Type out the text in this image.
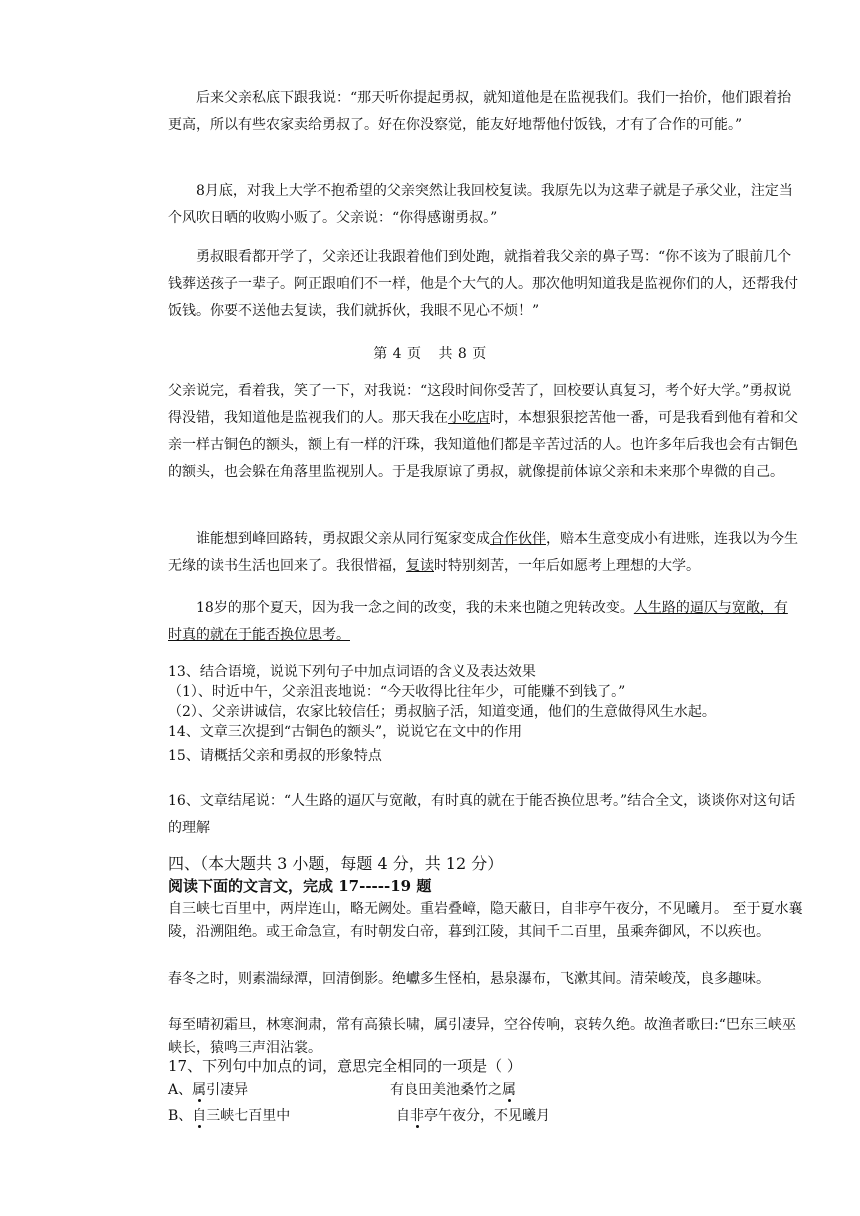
后来父亲私底下跟我说：“那天听你提起勇叔，就知道他是在监视我们。我们一抬价，他们跟着抬更高，所以有些农家卖给勇叔了。好在你没察觉，能友好地帮他付饭钱，才有了合作的可能。”

8月底，对我上大学不抱希望的父亲突然让我回校复读。我原先以为这辈子就是子承父业，注定当个风吹日晒的收购小贩了。父亲说：“你得感谢勇叔。”

勇叔眼看都开学了，父亲还让我跟着他们到处跑，就指着我父亲的鼻子骂：“你不该为了眼前几个钱葬送孩子一辈子。阿正跟咱们不一样，他是个大气的人。那次他明知道我是监视你们的人，还帮我付饭钱。你要不送他去复读，我们就拆伙，我眼不见心不烦！”

第 4 页 共 8 页

父亲说完，看着我，笑了一下，对我说：“这段时间你受苦了，回校要认真复习，考个好大学。”勇叔说得没错，我知道他是监视我们的人。那天我在小吃店时，本想狠狠挖苦他一番，可是我看到他有着和父亲一样古铜色的额头，额上有一样的汗珠，我知道他们都是辛苦过活的人。也许多年后我也会有古铜色的额头，也会躲在角落里监视别人。于是我原谅了勇叔，就像提前体谅父亲和未来那个卑微的自己。

谁能想到峰回路转，勇叔跟父亲从同行冤家变成合作伙伴，赔本生意变成小有进账，连我以为今生无缘的读书生活也回来了。我很惜福，复读时特别刻苦，一年后如愿考上理想的大学。

18岁的那个夏天，因为我一念之间的改变，我的未来也随之兜转改变。人生路的逼仄与宽敞，有时真的就在于能否换位思考。

13、结合语境，说说下列句子中加点词语的含义及表达效果

（1）、时近中午，父亲沮丧地说：“今天收得比往年少，可能赚不到钱了。”

（2）、父亲讲诚信，农家比较信任；勇叔脑子活，知道变通，他们的生意做得风生水起。

14、文章三次提到“古铜色的额头”，说说它在文中的作用

15、请概括父亲和勇叔的形象特点

16、文章结尾说：“人生路的逼仄与宽敞，有时真的就在于能否换位思考。”结合全文，谈谈你对这句话的理解

四、（本大题共 3 小题，每题 4 分，共 12 分）

阅读下面的文言文，完成 17-----19 题

自三峡七百里中，两岸连山，略无阙处。重岩叠嶂，隐天蔽日，自非亭午夜分，不见曦月。 至于夏水襄陵，沿溯阻绝。或王命急宣，有时朝发白帝，暮到江陵，其间千二百里，虽乘奔御风，不以疾也。

春冬之时，则素湍绿潭，回清倒影。绝巘多生怪柏，悬泉瀑布，飞漱其间。清荣峻茂，良多趣味。

每至晴初霜旦，林寒涧肃，常有高猿长啸，属引凄异，空谷传响，哀转久绝。故渔者歌曰:“巴东三峡巫峡长，猿鸣三声泪沾裳。

17、下列句中加点的词，意思完全相同的一项是（ ）

A、属引凄异	有良田美池桑竹之属
B、自三峡七百里中	自非亭午夜分，不见曦月
